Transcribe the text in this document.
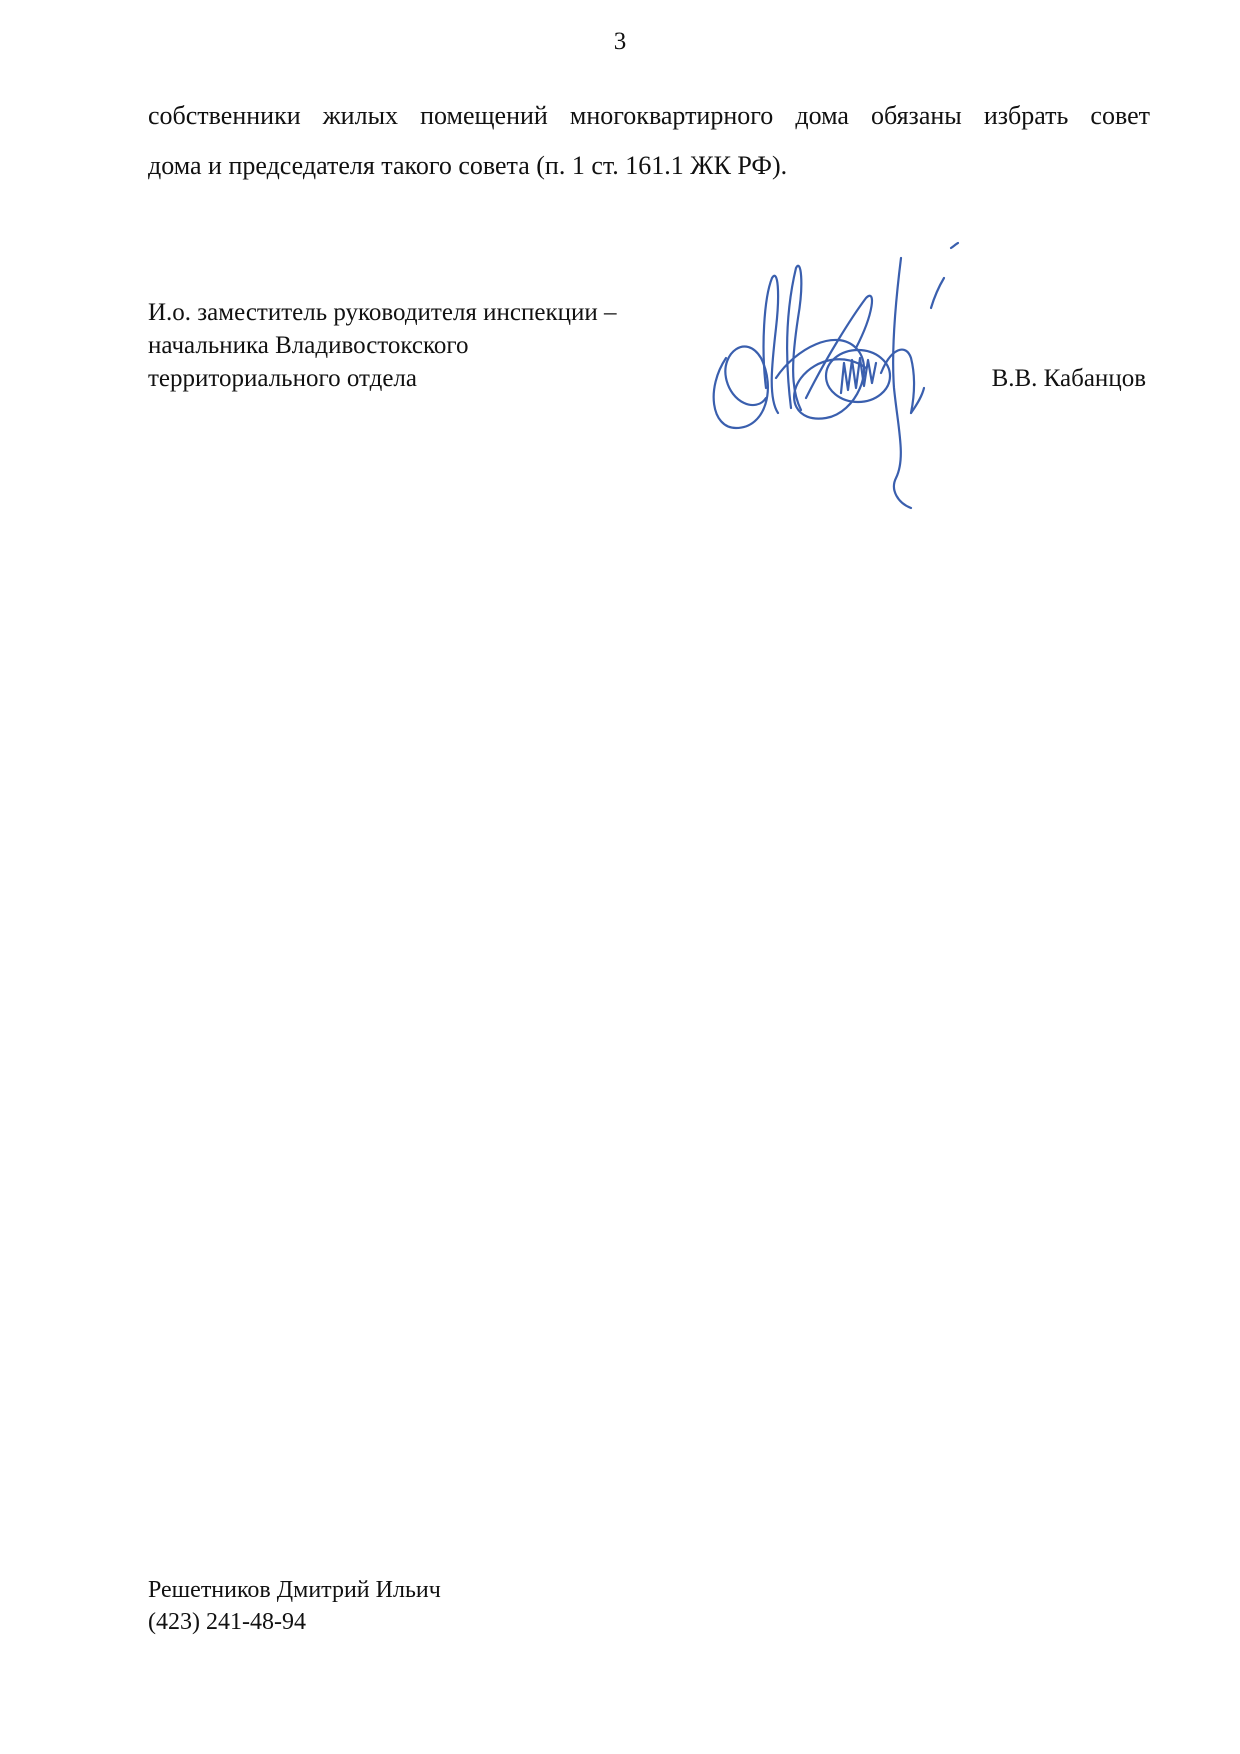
3

собственники жилых помещений многоквартирного дома обязаны избрать совет
дома и председателя такого совета (п. 1 ст. 161.1 ЖК РФ).

И.о. заместитель руководителя инспекции –
начальника Владивостокского
территориального отдела	В.В. Кабанцов
Решетников Дмитрий Ильич
(423) 241-48-94
